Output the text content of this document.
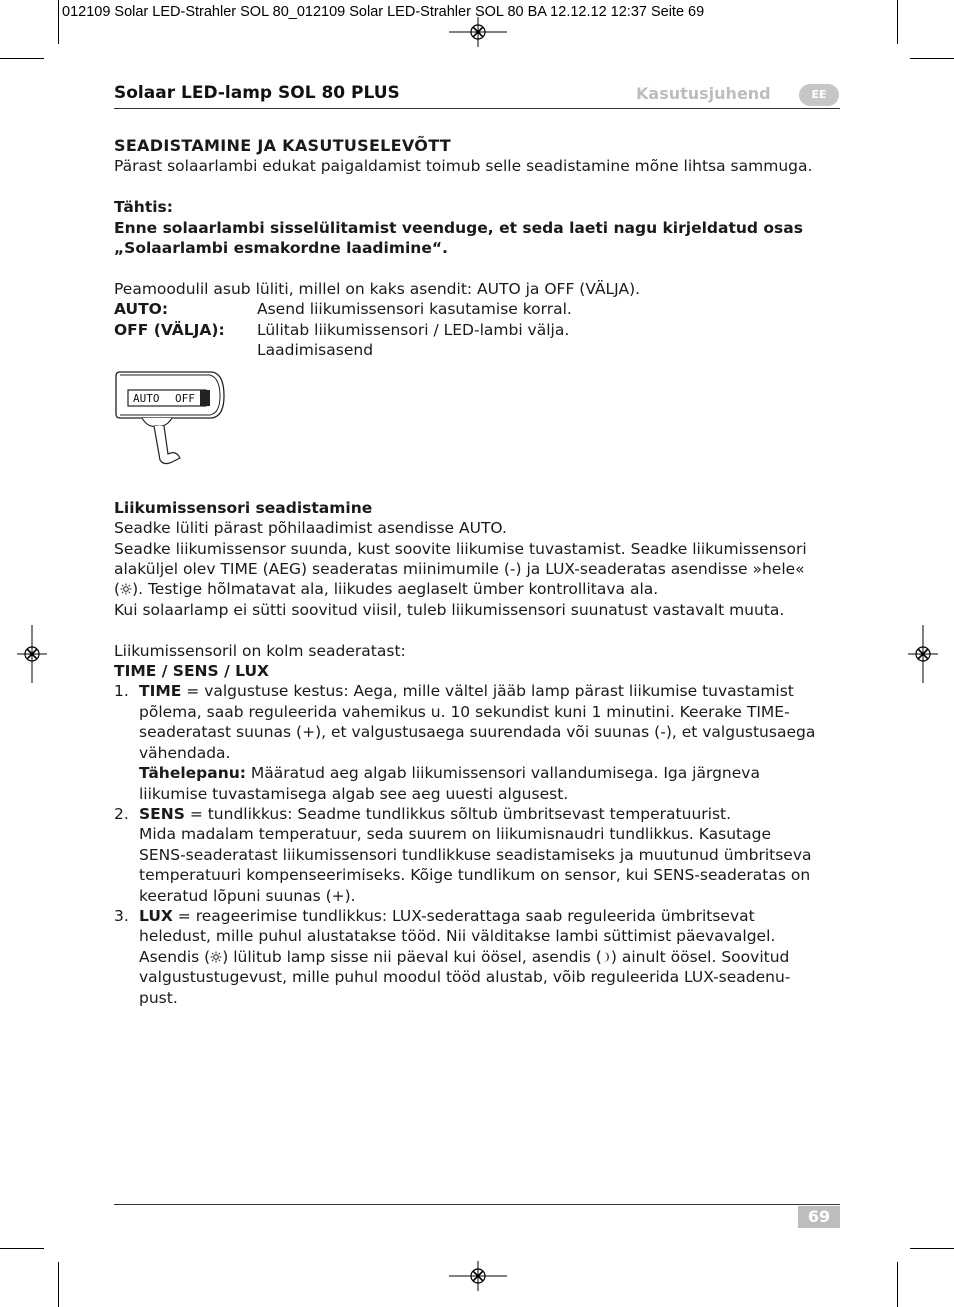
012109 Solar LED-Strahler SOL 80_012109 Solar LED-Strahler SOL 80 BA 12.12.12 12:37 Seite 69
Solaar LED-lamp SOL 80 PLUS	Kasutusjuhend	EE

SEADISTAMINE JA KASUTUSELEVÕTT

Pärast solaarlambi edukat paigaldamist toimub selle seadistamine mõne lihtsa sammuga.

Tähtis:

Enne solaarlambi sisselülitamist veenduge, et seda laeti nagu kirjeldatud osas

„Solaarlambi esmakordne laadimine“.

Peamoodulil asub lüliti, millel on kaks asendit: AUTO ja OFF (VÄLJA).

AUTO:	Asend liikumissensori kasutamise korral.
OFF (VÄLJA):	Lülitab liikumissensori / LED-lambi välja.
Laadimisasend
AUTO OFF

Liikumissensori seadistamine

Seadke lüliti pärast põhilaadimist asendisse AUTO.

Seadke liikumissensor suunda, kust soovite liikumise tuvastamist. Seadke liikumissensori

alaküljel olev TIME (AEG) seaderatas miinimumile (-) ja LUX-seaderatas asendisse »hele«

( ). Testige hõlmatavat ala, liikudes aeglaselt ümber kontrollitava ala.

Kui solaarlamp ei sütti soovitud viisil, tuleb liikumissensori suunatust vastavalt muuta.

Liikumissensoril on kolm seaderatast:

TIME / SENS / LUX

1. TIME = valgustuse kestus: Aega, mille vältel jääb lamp pärast liikumise tuvastamist

põlema, saab reguleerida vahemikus u. 10 sekundist kuni 1 minutini. Keerake TIME-

seaderatast suunas (+), et valgustusaega suurendada või suunas (-), et valgustusaega

vähendada.

Tähelepanu: Määratud aeg algab liikumissensori vallandumisega. Iga järgneva

liikumise tuvastamisega algab see aeg uuesti algusest.

2. SENS = tundlikkus: Seadme tundlikkus sõltub ümbritsevast temperatuurist.

Mida madalam temperatuur, seda suurem on liikumisnaudri tundlikkus. Kasutage

SENS-seaderatast liikumissensori tundlikkuse seadistamiseks ja muutunud ümbritseva

temperatuuri kompenseerimiseks. Kõige tundlikum on sensor, kui SENS-seaderatas on

keeratud lõpuni suunas (+).

3. LUX = reageerimise tundlikkus: LUX-sederattaga saab reguleerida ümbritsevat

heledust, mille puhul alustatakse tööd. Nii välditakse lambi süttimist päevavalgel.

Asendis ( ) lülitub lamp sisse nii päeval kui öösel, asendis ( ) ainult öösel. Soovitud

valgustustugevust, mille puhul moodul tööd alustab, võib reguleerida LUX-seadenu-

pust.

69
